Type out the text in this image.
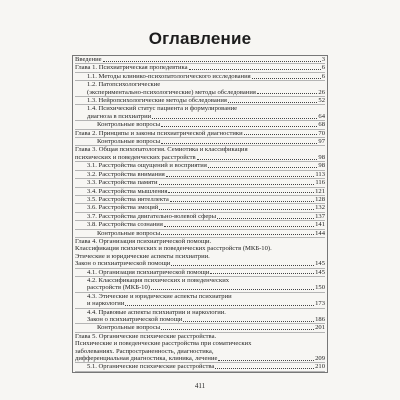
Оглавление
Введение	3
Глава 1. Психиатрическая пропедевтика	6
1.1. Методы клинико-психопатологического исследования	6
1.2. Патопсихологические
(экспериментально-психологические) методы обследования	26
1.3. Нейропсихологические методы обследования	52
1.4. Психический статус пациента и формулирование
диагноза в психиатрии	64
Контрольные вопросы	68
Глава 2. Принципы и законы психиатрической диагностики	70
Контрольные вопросы	97
Глава 3. Общая психопатология. Семиотика и классификация
психических и поведенческих расстройств	98
3.1. Расстройства ощущений и восприятия	98
3.2. Расстройства внимания	113
3.3. Расстройства памяти	116
3.4. Расстройства мышления	121
3.5. Расстройства интеллекта	128
3.6. Расстройства эмоций	132
3.7. Расстройства двигательно-волевой сферы	137
3.8. Расстройства сознания	141
Контрольные вопросы	144
Глава 4. Организация психиатрической помощи.
Классификация психических и поведенческих расстройств (МКБ-10).
Этические и юридические аспекты психиатрии.
Закон о психиатрической помощи	145
4.1. Организация психиатрической помощи	145
4.2. Классификация психических и поведенческих
расстройств (МКБ-10)	150
4.3. Этические и юридические аспекты психиатрии
и наркологии	173
4.4. Правовые аспекты психиатрии и наркологии.
Закон о психиатрической помощи	186
Контрольные вопросы	201
Глава 5. Органические психические расстройства.
Психические и поведенческие расстройства при соматических
заболеваниях. Распространенность, диагностика,
дифференциальная диагностика, клиника, лечение	209
5.1. Органические психические расстройства	210
411
